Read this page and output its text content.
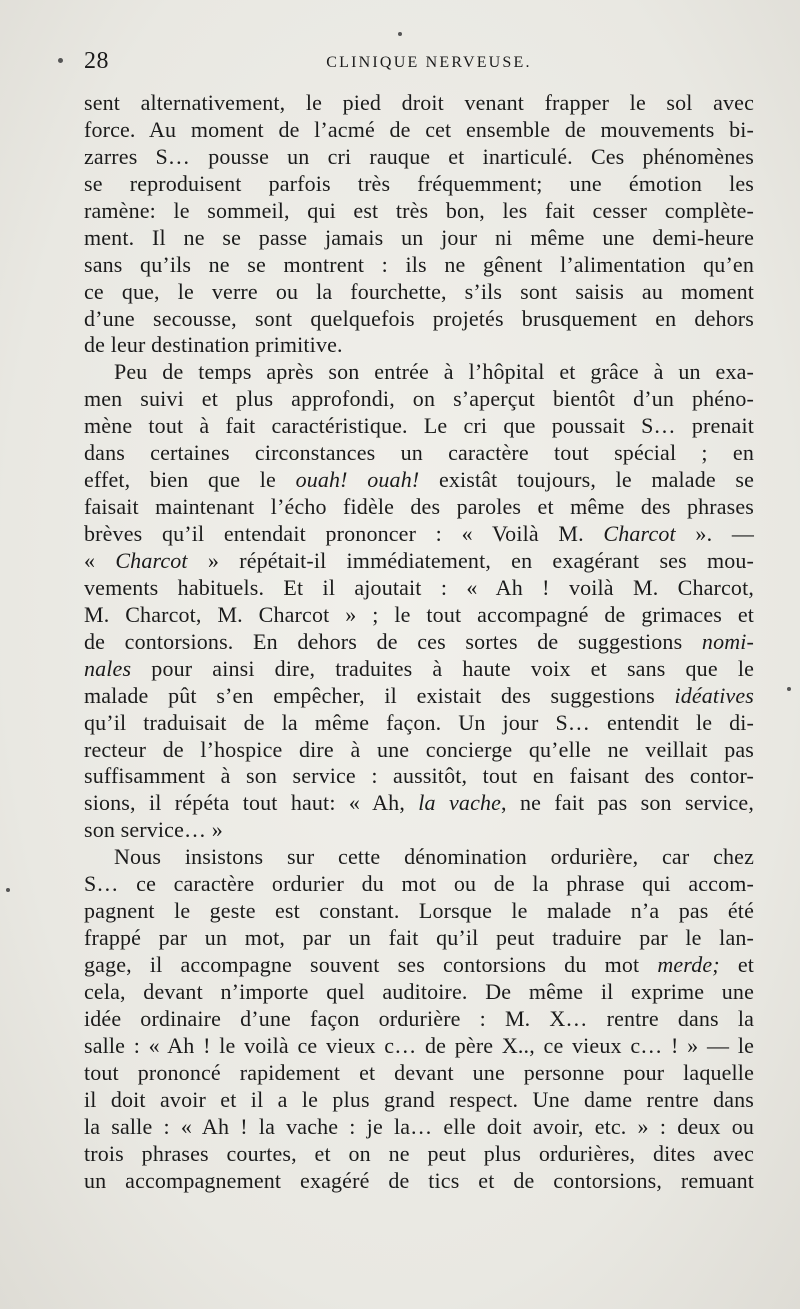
28	CLINIQUE NERVEUSE.
sent alternativement, le pied droit venant frapper le sol avec
force. Au moment de l’acmé de cet ensemble de mouvements bi-
zarres S… pousse un cri rauque et inarticulé. Ces phénomènes
se reproduisent parfois très fréquemment; une émotion les
ramène: le sommeil, qui est très bon, les fait cesser complète-
ment. Il ne se passe jamais un jour ni même une demi-heure
sans qu’ils ne se montrent : ils ne gênent l’alimentation qu’en
ce que, le verre ou la fourchette, s’ils sont saisis au moment
d’une secousse, sont quelquefois projetés brusquement en dehors
de leur destination primitive.
Peu de temps après son entrée à l’hôpital et grâce à un exa-
men suivi et plus approfondi, on s’aperçut bientôt d’un phéno-
mène tout à fait caractéristique. Le cri que poussait S… prenait
dans certaines circonstances un caractère tout spécial ; en
effet, bien que le ouah! ouah! existât toujours, le malade se
faisait maintenant l’écho fidèle des paroles et même des phrases
brèves qu’il entendait prononcer : « Voilà M. Charcot ». —
« Charcot » répétait-il immédiatement, en exagérant ses mou-
vements habituels. Et il ajoutait : « Ah ! voilà M. Charcot,
M. Charcot, M. Charcot » ; le tout accompagné de grimaces et
de contorsions. En dehors de ces sortes de suggestions nomi-
nales pour ainsi dire, traduites à haute voix et sans que le
malade pût s’en empêcher, il existait des suggestions idéatives
qu’il traduisait de la même façon. Un jour S… entendit le di-
recteur de l’hospice dire à une concierge qu’elle ne veillait pas
suffisamment à son service : aussitôt, tout en faisant des contor-
sions, il répéta tout haut: « Ah, la vache, ne fait pas son service,
son service… »
Nous insistons sur cette dénomination ordurière, car chez
S… ce caractère ordurier du mot ou de la phrase qui accom-
pagnent le geste est constant. Lorsque le malade n’a pas été
frappé par un mot, par un fait qu’il peut traduire par le lan-
gage, il accompagne souvent ses contorsions du mot merde; et
cela, devant n’importe quel auditoire. De même il exprime une
idée ordinaire d’une façon ordurière : M. X… rentre dans la
salle : « Ah ! le voilà ce vieux c… de père X.., ce vieux c… ! » — le
tout prononcé rapidement et devant une personne pour laquelle
il doit avoir et il a le plus grand respect. Une dame rentre dans
la salle : « Ah ! la vache : je la… elle doit avoir, etc. » : deux ou
trois phrases courtes, et on ne peut plus ordurières, dites avec
un accompagnement exagéré de tics et de contorsions, remuant
